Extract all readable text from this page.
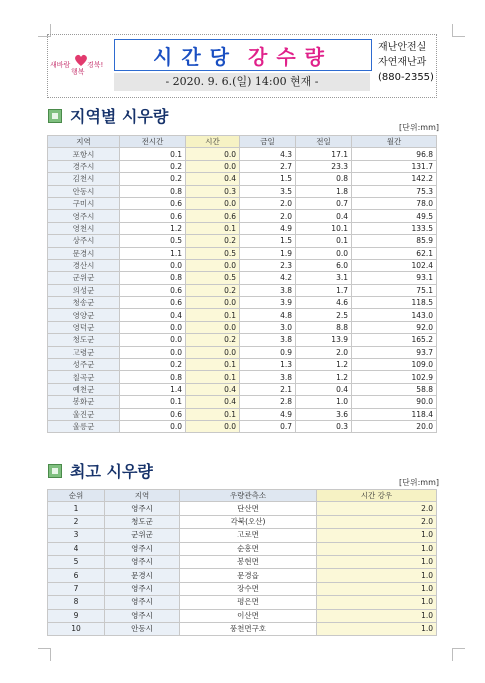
새바람
행복
경북! 시간당 강수량
- 2020. 9. 6.(일) 14:00 현재 -
재난안전실
자연재난과
(880-2355)
지역별 시우량
[단위:mm]
지역	전시간	시간	금일	전일	월간
포항시	0.1	0.0	4.3	17.1	96.8
경주시	0.2	0.0	2.7	23.3	131.7
김천시	0.2	0.4	1.5	0.8	142.2
안동시	0.8	0.3	3.5	1.8	75.3
구미시	0.6	0.0	2.0	0.7	78.0
영주시	0.6	0.6	2.0	0.4	49.5
영천시	1.2	0.1	4.9	10.1	133.5
상주시	0.5	0.2	1.5	0.1	85.9
문경시	1.1	0.5	1.9	0.0	62.1
경산시	0.0	0.0	2.3	6.0	102.4
군위군	0.8	0.5	4.2	3.1	93.1
의성군	0.6	0.2	3.8	1.7	75.1
청송군	0.6	0.0	3.9	4.6	118.5
영양군	0.4	0.1	4.8	2.5	143.0
영덕군	0.0	0.0	3.0	8.8	92.0
청도군	0.0	0.2	3.8	13.9	165.2
고령군	0.0	0.0	0.9	2.0	93.7
성주군	0.2	0.1	1.3	1.2	109.0
칠곡군	0.8	0.1	3.8	1.2	102.9
예천군	1.4	0.4	2.1	0.4	58.8
봉화군	0.1	0.4	2.8	1.0	90.0
울진군	0.6	0.1	4.9	3.6	118.4
울릉군	0.0	0.0	0.7	0.3	20.0
최고 시우량
[단위:mm]
순위	지역	우량관측소	시간 강우
1	영주시	단산면	2.0
2	청도군	각북(오산)	2.0
3	군위군	고로면	1.0
4	영주시	순흥면	1.0
5	영주시	봉현면	1.0
6	문경시	문경읍	1.0
7	영주시	장수면	1.0
8	영주시	평은면	1.0
9	영주시	이산면	1.0
10	안동시	풍천면구호	1.0
